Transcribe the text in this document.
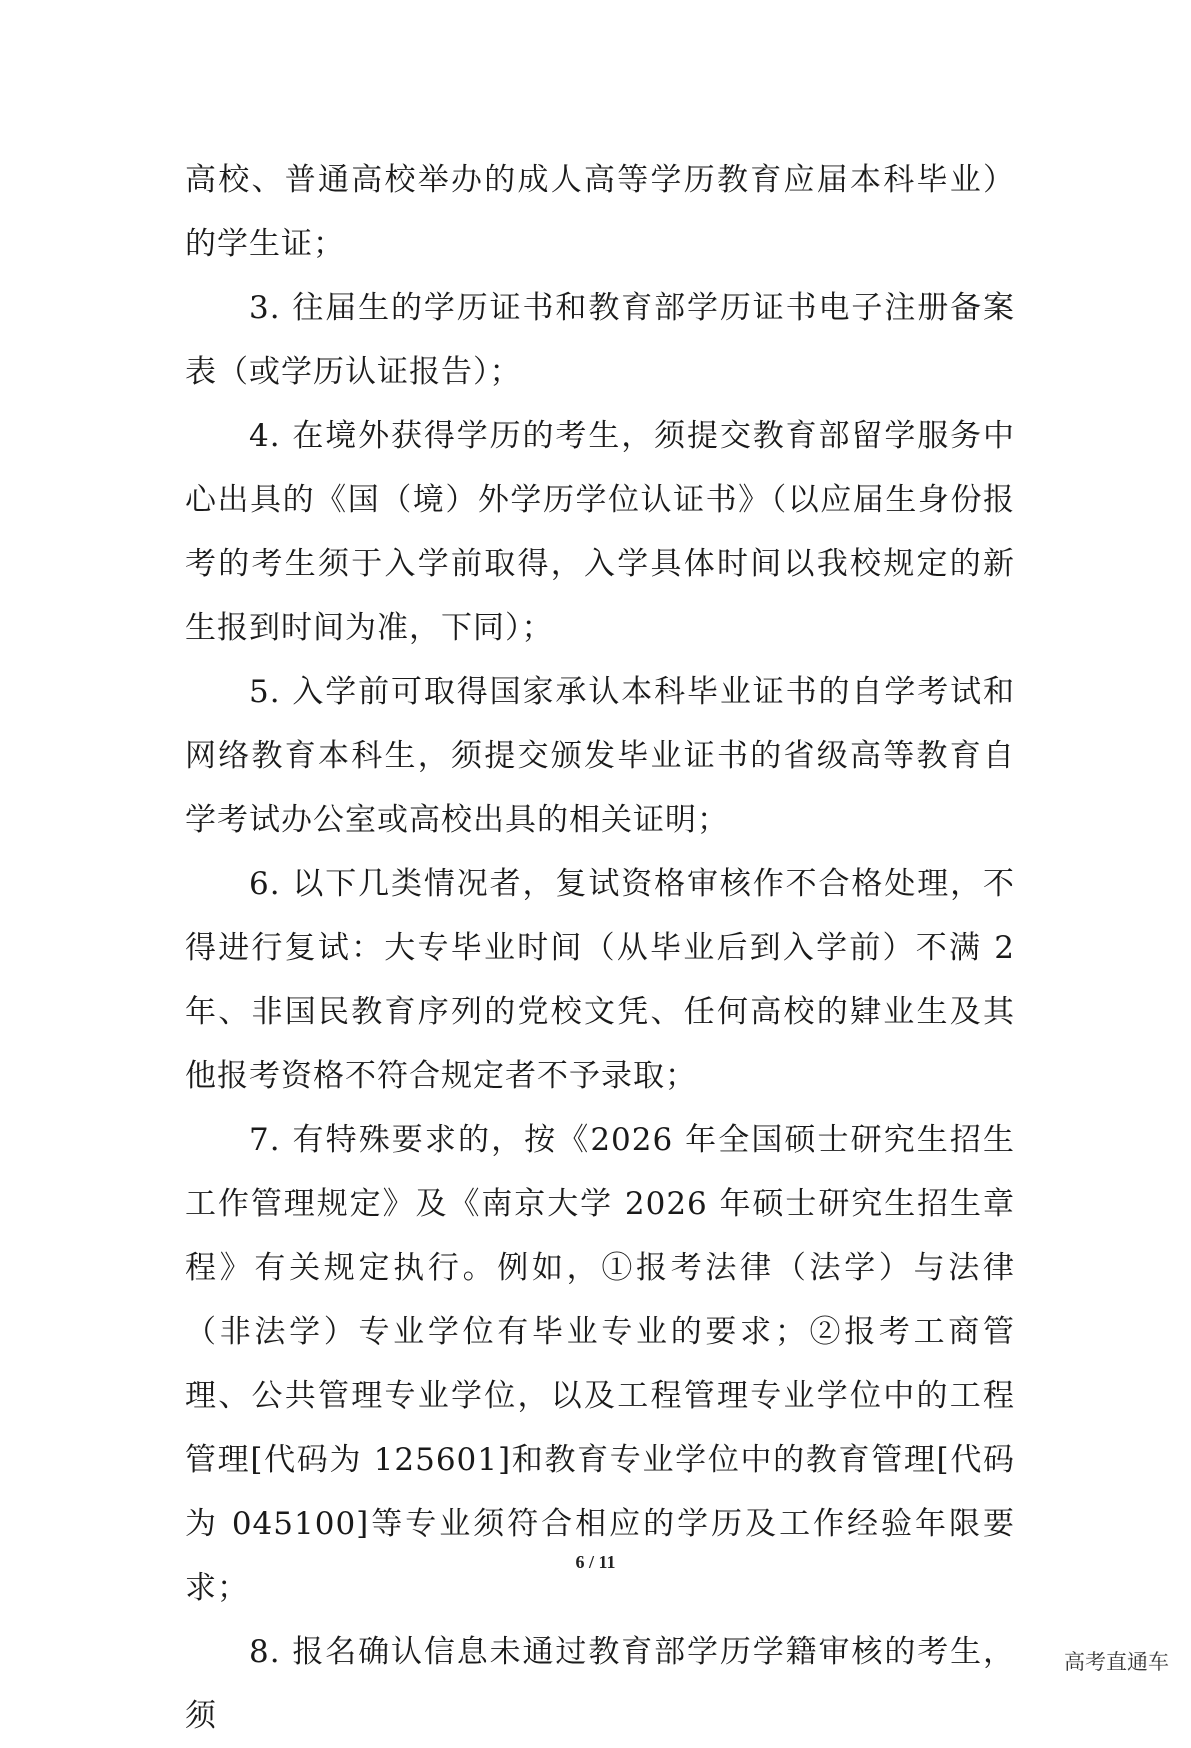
高校、普通高校举办的成人高等学历教育应届本科毕业）的学生证；

3. 往届生的学历证书和教育部学历证书电子注册备案表（或学历认证报告）；

4. 在境外获得学历的考生，须提交教育部留学服务中心出具的《国（境）外学历学位认证书》（以应届生身份报考的考生须于入学前取得，入学具体时间以我校规定的新生报到时间为准，下同）；

5. 入学前可取得国家承认本科毕业证书的自学考试和网络教育本科生，须提交颁发毕业证书的省级高等教育自学考试办公室或高校出具的相关证明；

6. 以下几类情况者，复试资格审核作不合格处理，不得进行复试：大专毕业时间（从毕业后到入学前）不满 2 年、非国民教育序列的党校文凭、任何高校的肄业生及其他报考资格不符合规定者不予录取；

7. 有特殊要求的，按《2026 年全国硕士研究生招生工作管理规定》及《南京大学 2026 年硕士研究生招生章程》有关规定执行。例如，①报考法律（法学）与法律（非法学）专业学位有毕业专业的要求；②报考工商管理、公共管理专业学位，以及工程管理专业学位中的工程管理[代码为 125601]和教育专业学位中的教育管理[代码为 045100]等专业须符合相应的学历及工作经验年限要求；

8. 报名确认信息未通过教育部学历学籍审核的考生，须

6 / 11
高考直通车
